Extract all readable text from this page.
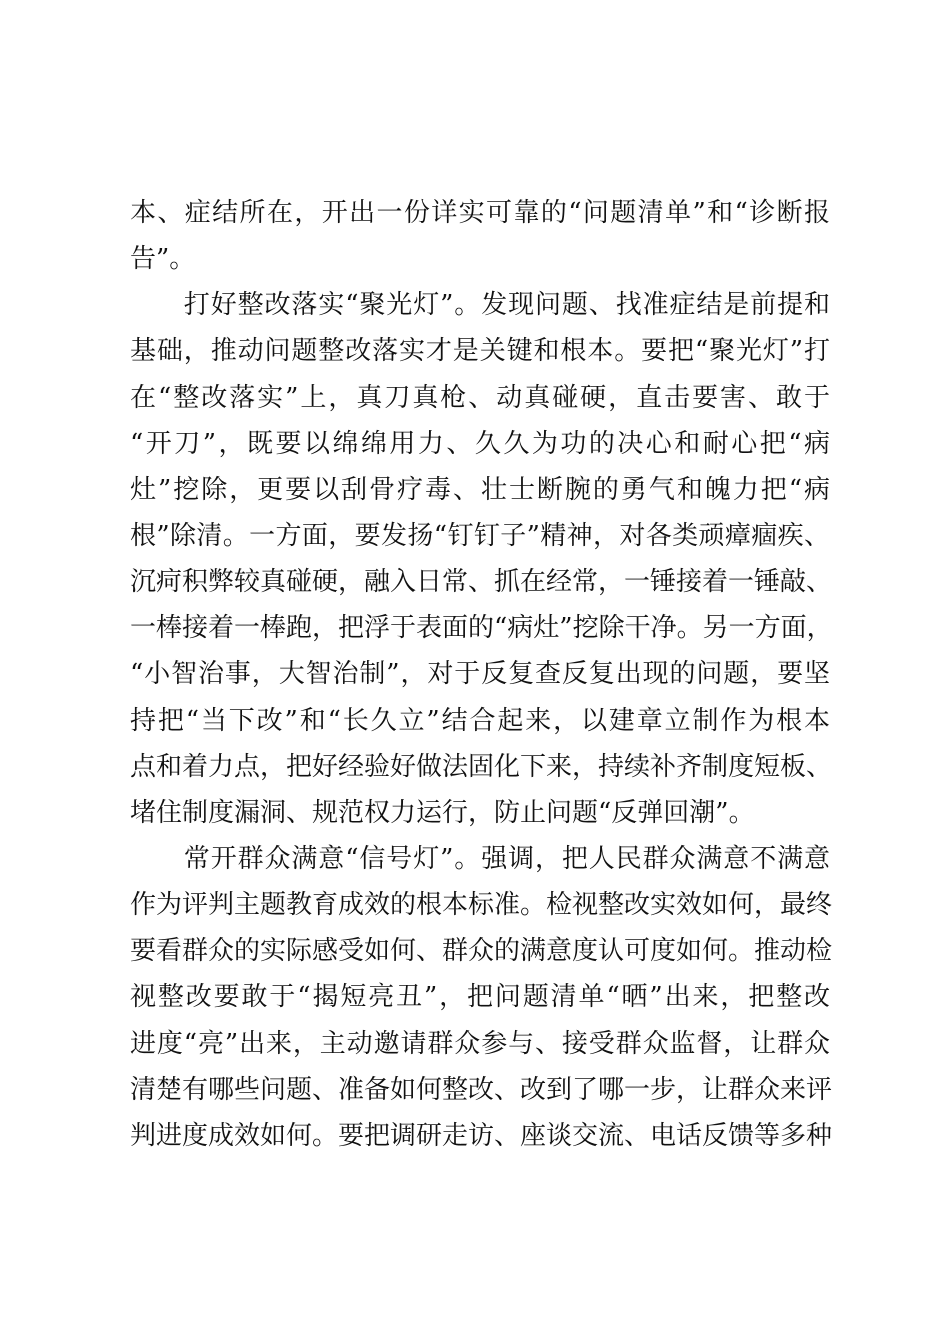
本、症结所在，开出一份详实可靠的“问题清单”和“诊断报
告”。
　　打好整改落实“聚光灯”。发现问题、找准症结是前提和
基础，推动问题整改落实才是关键和根本。要把“聚光灯”打
在“整改落实”上，真刀真枪、动真碰硬，直击要害、敢于
“开刀”，既要以绵绵用力、久久为功的决心和耐心把“病
灶”挖除，更要以刮骨疗毒、壮士断腕的勇气和魄力把“病
根”除清。一方面，要发扬“钉钉子”精神，对各类顽瘴痼疾、
沉疴积弊较真碰硬，融入日常、抓在经常，一锤接着一锤敲、
一棒接着一棒跑，把浮于表面的“病灶”挖除干净。另一方面，
“小智治事，大智治制”，对于反复查反复出现的问题，要坚
持把“当下改”和“长久立”结合起来，以建章立制作为根本
点和着力点，把好经验好做法固化下来，持续补齐制度短板、
堵住制度漏洞、规范权力运行，防止问题“反弹回潮”。
　　常开群众满意“信号灯”。强调，把人民群众满意不满意
作为评判主题教育成效的根本标准。检视整改实效如何，最终
要看群众的实际感受如何、群众的满意度认可度如何。推动检
视整改要敢于“揭短亮丑”，把问题清单“晒”出来，把整改
进度“亮”出来，主动邀请群众参与、接受群众监督，让群众
清楚有哪些问题、准备如何整改、改到了哪一步，让群众来评
判进度成效如何。要把调研走访、座谈交流、电话反馈等多种
